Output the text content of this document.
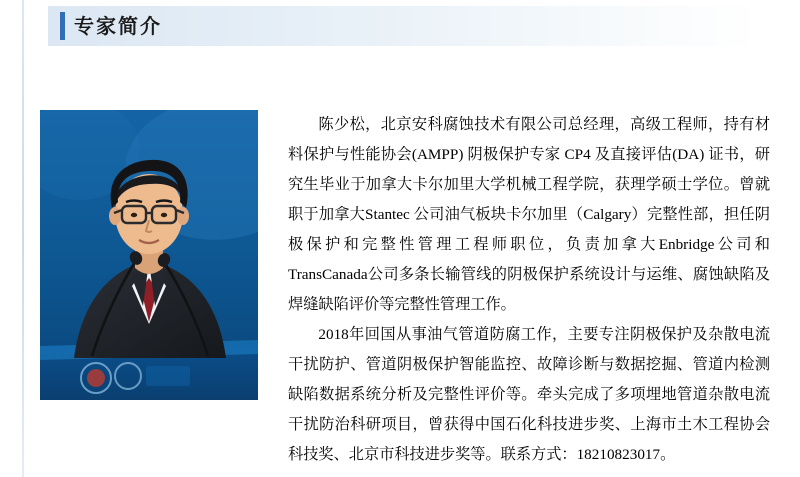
专家简介

陈少松，北京安科腐蚀技术有限公司总经理，高级工程师，持有材料保护与性能协会(AMPP) 阴极保护专家 CP4 及直接评估(DA) 证书，研究生毕业于加拿大卡尔加里大学机械工程学院，获理学硕士学位。曾就职于加拿大Stantec 公司油气板块卡尔加里（Calgary）完整性部，担任阴极保护和完整性管理工程师职位，负责加拿大Enbridge公司和TransCanada公司多条长输管线的阴极保护系统设计与运维、腐蚀缺陷及焊缝缺陷评价等完整性管理工作。

2018年回国从事油气管道防腐工作，主要专注阴极保护及杂散电流干扰防护、管道阴极保护智能监控、故障诊断与数据挖掘、管道内检测缺陷数据系统分析及完整性评价等。牵头完成了多项埋地管道杂散电流干扰防治科研项目，曾获得中国石化科技进步奖、上海市土木工程协会科技奖、北京市科技进步奖等。联系方式：18210823017。
